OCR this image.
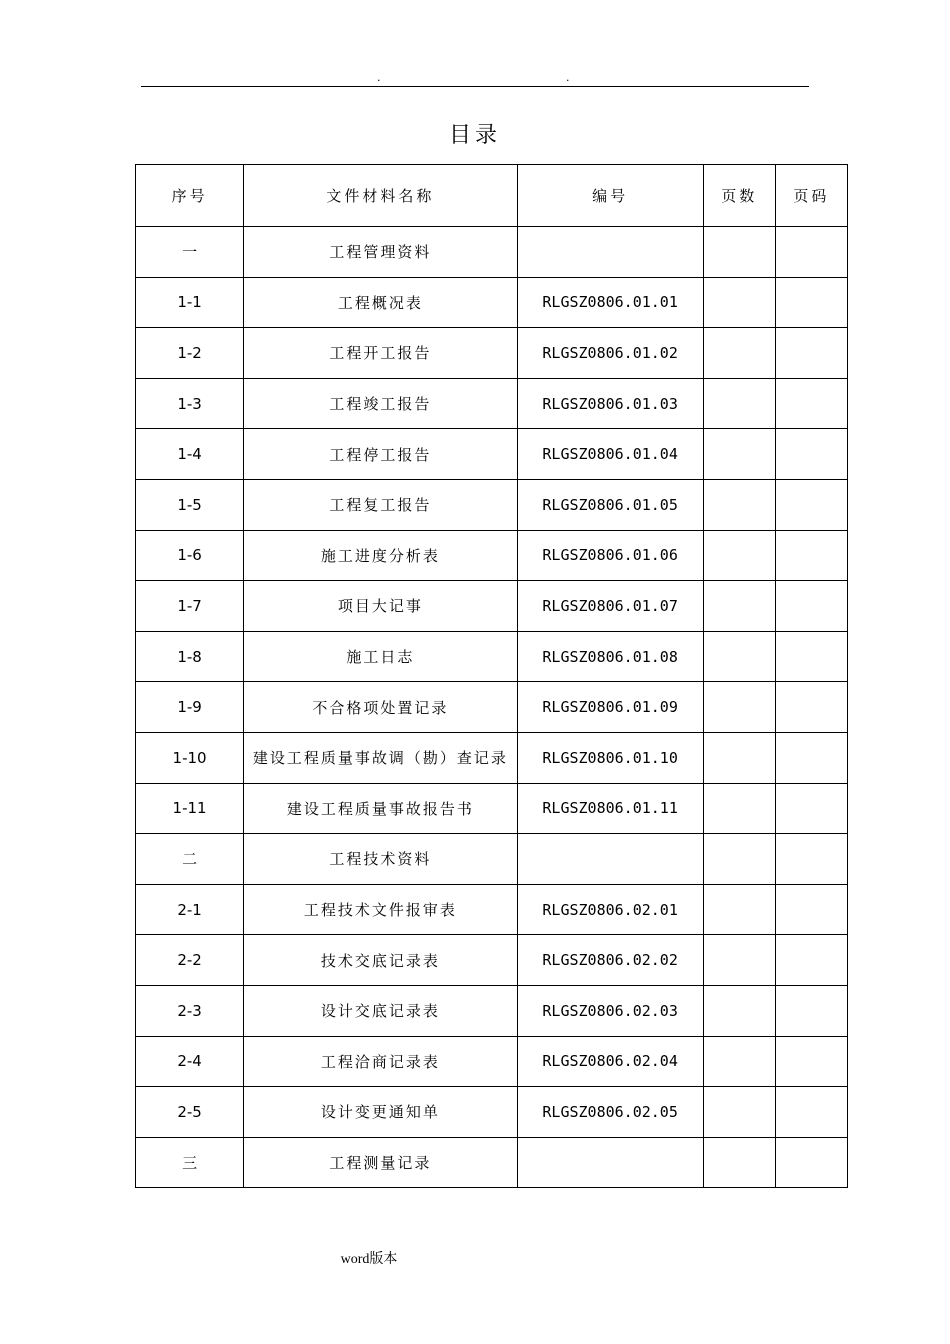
.	.
目录
序号	文件材料名称	编号	页数	页码
一	工程管理资料			
1-1	工程概况表	RLGSZ0806.01.01		
1-2	工程开工报告	RLGSZ0806.01.02		
1-3	工程竣工报告	RLGSZ0806.01.03		
1-4	工程停工报告	RLGSZ0806.01.04		
1-5	工程复工报告	RLGSZ0806.01.05		
1-6	施工进度分析表	RLGSZ0806.01.06		
1-7	项目大记事	RLGSZ0806.01.07		
1-8	施工日志	RLGSZ0806.01.08		
1-9	不合格项处置记录	RLGSZ0806.01.09		
1-10	建设工程质量事故调（勘）查记录	RLGSZ0806.01.10		
1-11	建设工程质量事故报告书	RLGSZ0806.01.11		
二	工程技术资料			
2-1	工程技术文件报审表	RLGSZ0806.02.01		
2-2	技术交底记录表	RLGSZ0806.02.02		
2-3	设计交底记录表	RLGSZ0806.02.03		
2-4	工程洽商记录表	RLGSZ0806.02.04		
2-5	设计变更通知单	RLGSZ0806.02.05		
三	工程测量记录			
word版本
